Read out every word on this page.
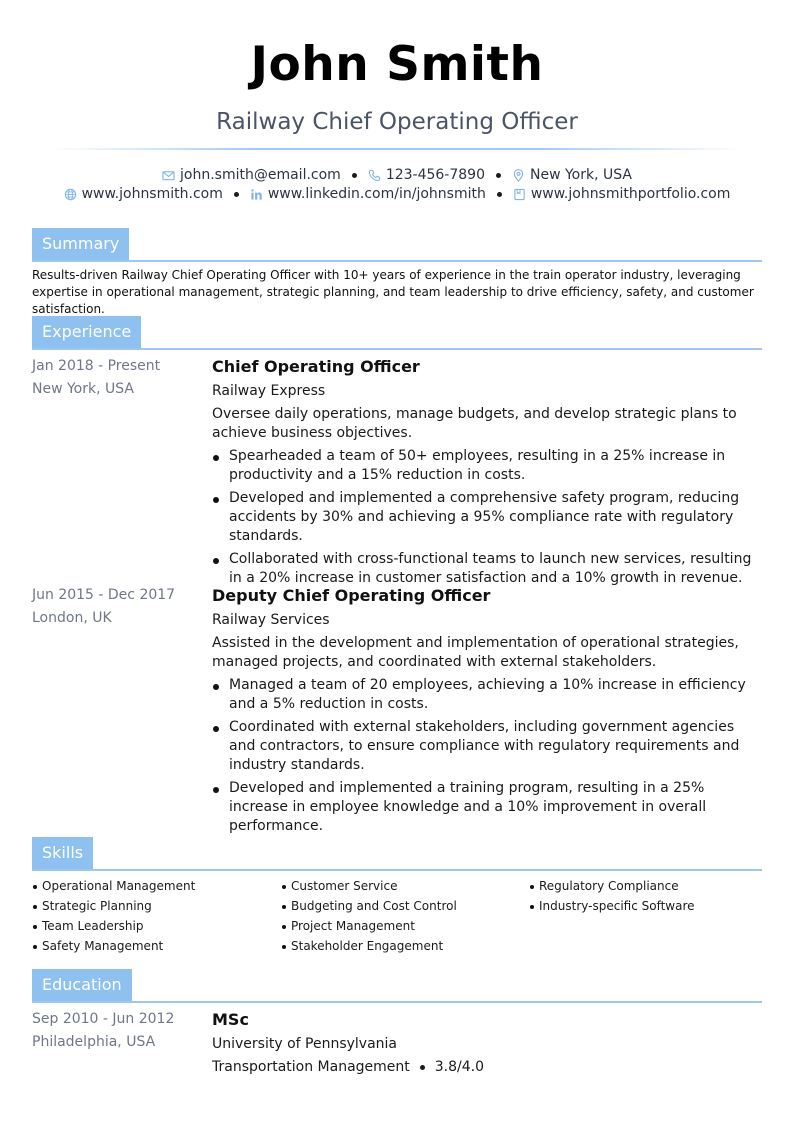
John Smith
Railway Chief Operating Officer
john.smith@email.com	123-456-7890	New York, USA
www.johnsmith.com	www.linkedin.com/in/johnsmith	www.johnsmithportfolio.com
Summary
Results-driven Railway Chief Operating Officer with 10+ years of experience in the train operator industry, leveraging expertise in operational management, strategic planning, and team leadership to drive efficiency, safety, and customer satisfaction.
Experience
Jan 2018 - Present
New York, USA
Chief Operating Officer
Railway Express
Oversee daily operations, manage budgets, and develop strategic plans to achieve business objectives.
Spearheaded a team of 50+ employees, resulting in a 25% increase in productivity and a 15% reduction in costs.
Developed and implemented a comprehensive safety program, reducing accidents by 30% and achieving a 95% compliance rate with regulatory standards.
Collaborated with cross-functional teams to launch new services, resulting in a 20% increase in customer satisfaction and a 10% growth in revenue.
Jun 2015 - Dec 2017
London, UK
Deputy Chief Operating Officer
Railway Services
Assisted in the development and implementation of operational strategies, managed projects, and coordinated with external stakeholders.
Managed a team of 20 employees, achieving a 10% increase in efficiency and a 5% reduction in costs.
Coordinated with external stakeholders, including government agencies and contractors, to ensure compliance with regulatory requirements and industry standards.
Developed and implemented a training program, resulting in a 25% increase in employee knowledge and a 10% improvement in overall performance.
Skills
Operational Management
Strategic Planning
Team Leadership
Safety Management
Customer Service
Budgeting and Cost Control
Project Management
Stakeholder Engagement
Regulatory Compliance
Industry-specific Software
Education
Sep 2010 - Jun 2012
Philadelphia, USA
MSc
University of Pennsylvania
Transportation Management 3.8/4.0
